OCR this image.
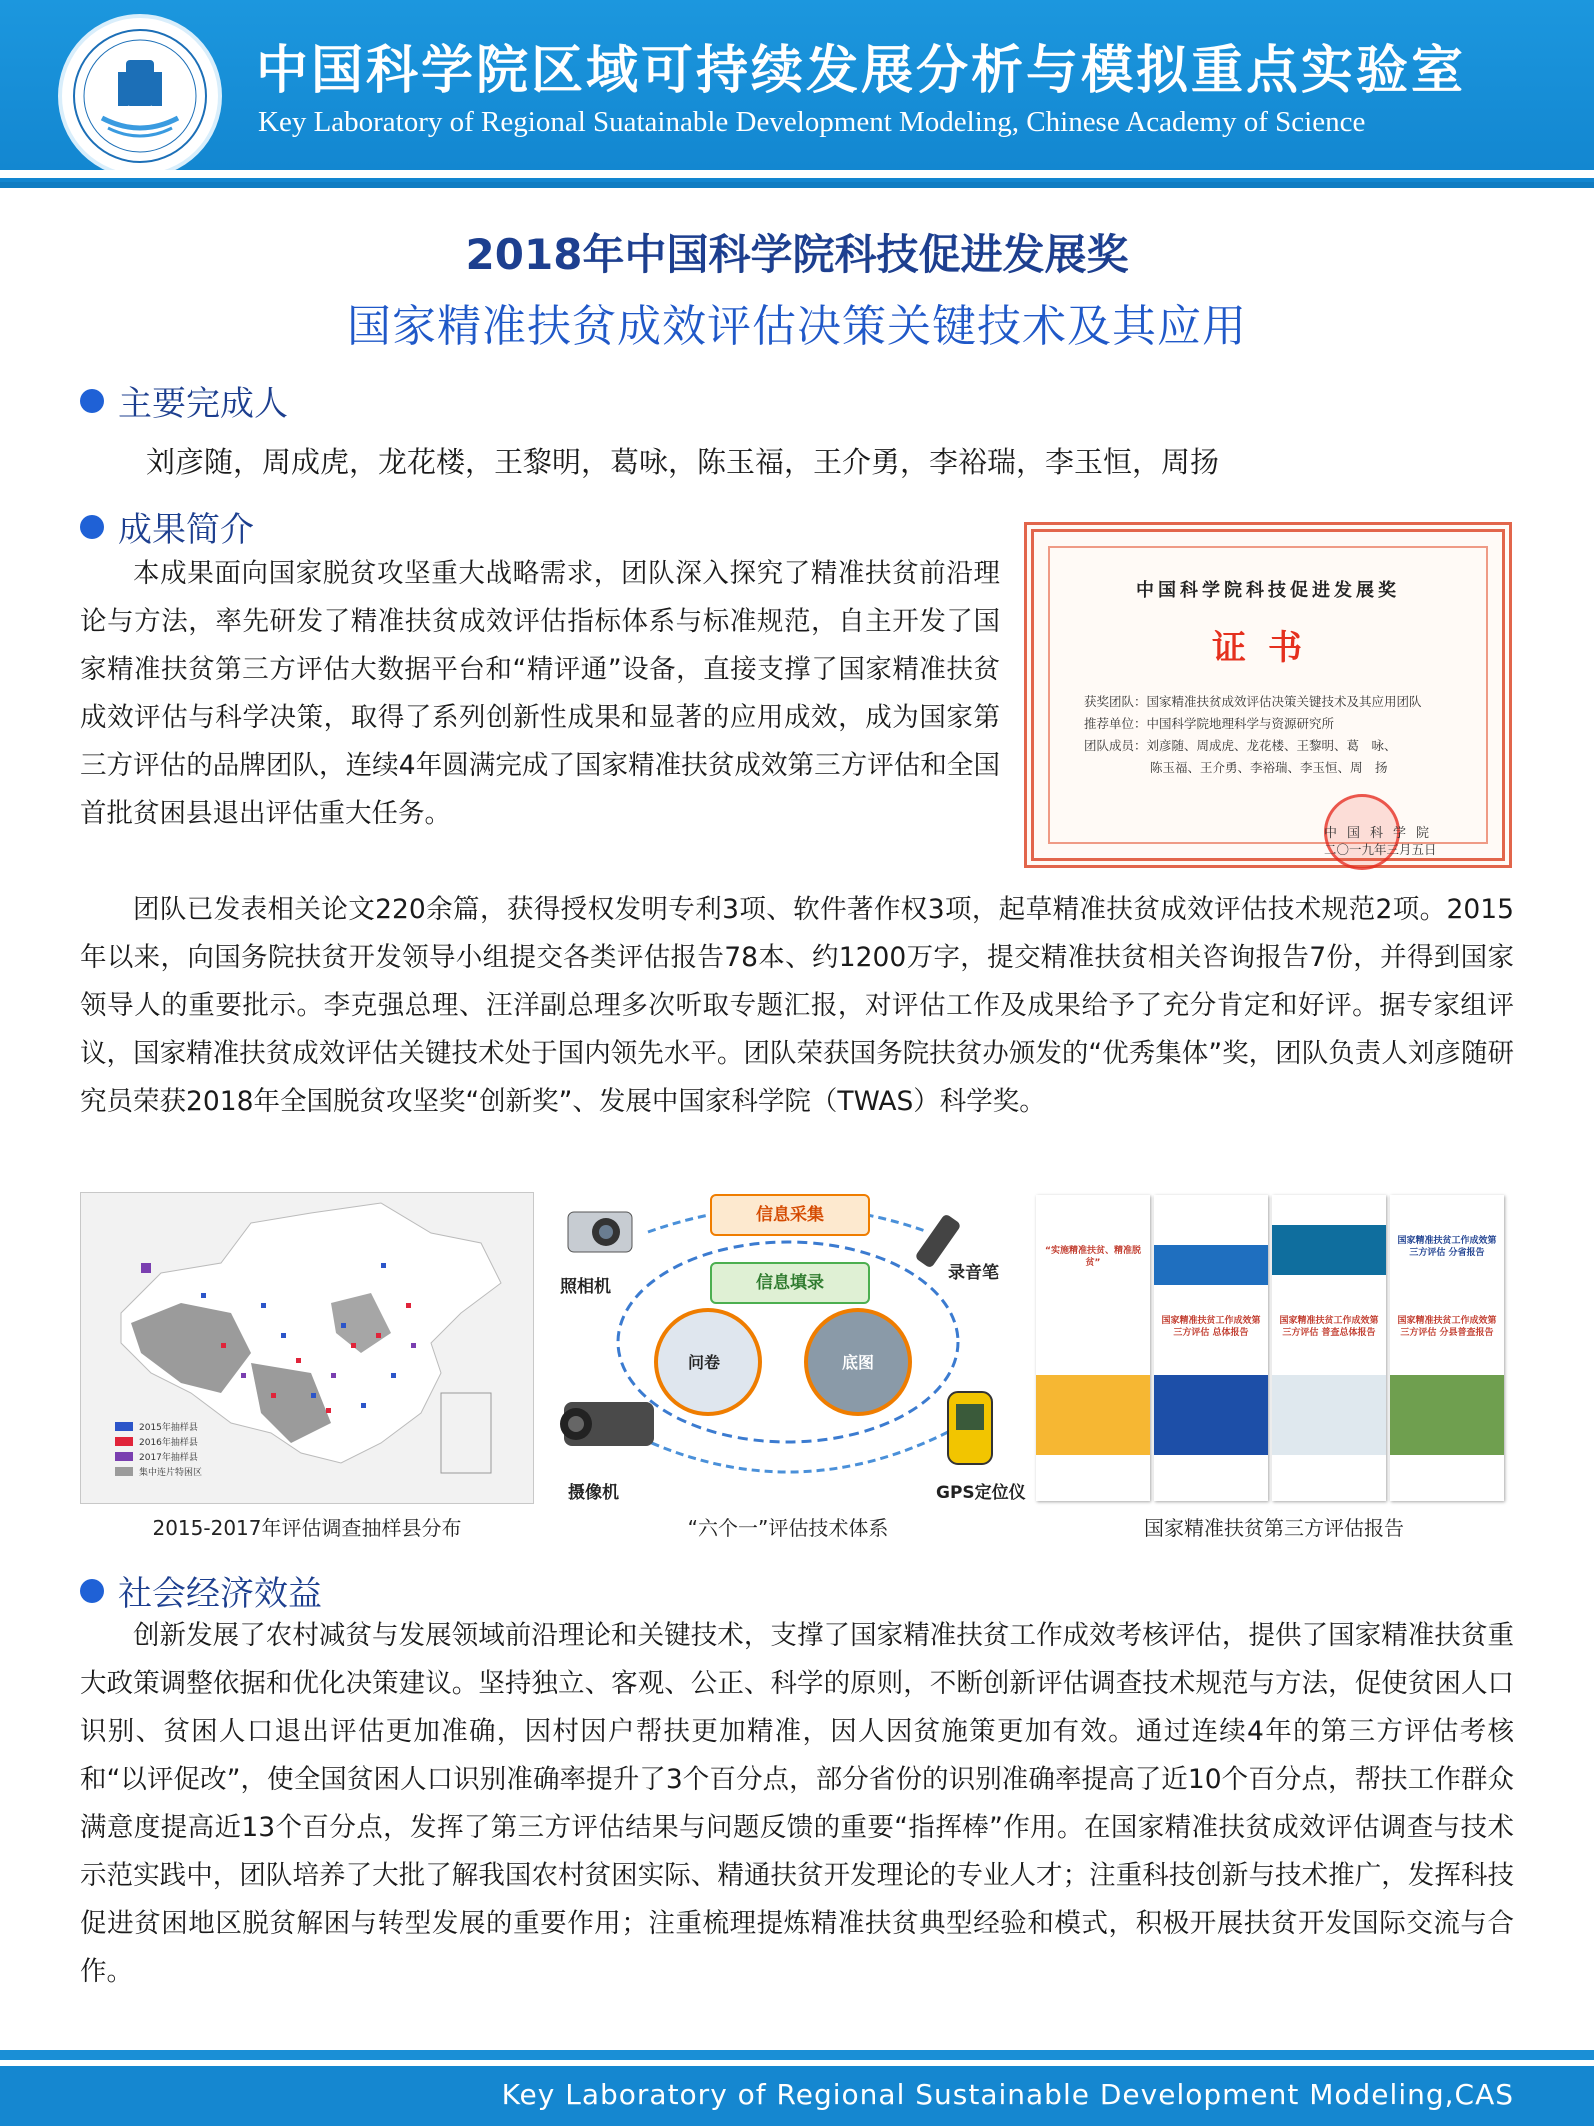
中国科学院区域可持续发展分析与模拟重点实验室
Key Laboratory of Regional Suatainable Development Modeling, Chinese Academy of Science
2018年中国科学院科技促进发展奖
国家精准扶贫成效评估决策关键技术及其应用
主要完成人
刘彦随，周成虎，龙花楼，王黎明，葛咏，陈玉福，王介勇，李裕瑞，李玉恒，周扬
成果简介
本成果面向国家脱贫攻坚重大战略需求，团队深入探究了精准扶贫前沿理论与方法，率先研发了精准扶贫成效评估指标体系与标准规范，自主开发了国家精准扶贫第三方评估大数据平台和“精评通”设备，直接支撑了国家精准扶贫成效评估与科学决策，取得了系列创新性成果和显著的应用成效，成为国家第三方评估的品牌团队，连续4年圆满完成了国家精准扶贫成效第三方评估和全国首批贫困县退出评估重大任务。
中国科学院科技促进发展奖
证书
获奖团队：国家精准扶贫成效评估决策关键技术及其应用团队
推荐单位：中国科学院地理科学与资源研究所
团队成员：刘彦随、周成虎、龙花楼、王黎明、葛　咏、
陈玉福、王介勇、李裕瑞、李玉恒、周　扬
中国科学院
二〇一九年三月五日
团队已发表相关论文220余篇，获得授权发明专利3项、软件著作权3项，起草精准扶贫成效评估技术规范2项。2015年以来，向国务院扶贫开发领导小组提交各类评估报告78本、约1200万字，提交精准扶贫相关咨询报告7份，并得到国家领导人的重要批示。李克强总理、汪洋副总理多次听取专题汇报，对评估工作及成果给予了充分肯定和好评。据专家组评议，国家精准扶贫成效评估关键技术处于国内领先水平。团队荣获国务院扶贫办颁发的“优秀集体”奖，团队负责人刘彦随研究员荣获2018年全国脱贫攻坚奖“创新奖”、发展中国家科学院（TWAS）科学奖。
2015年抽样县
2016年抽样县
2017年抽样县
集中连片特困区
2015-2017年评估调查抽样县分布
信息采集
信息填录
照相机
录音笔
摄像机	GPS定位仪
问卷	底图
“六个一”评估技术体系
“实施精准扶贫、精准脱贫”
国家精准扶贫工作成效第三方评估 总体报告
国家精准扶贫工作成效第三方评估 普查总体报告
国家精准扶贫工作成效第三方评估 分省报告
国家精准扶贫工作成效第三方评估 分县普查报告
国家精准扶贫第三方评估报告
社会经济效益
创新发展了农村减贫与发展领域前沿理论和关键技术，支撑了国家精准扶贫工作成效考核评估，提供了国家精准扶贫重大政策调整依据和优化决策建议。坚持独立、客观、公正、科学的原则，不断创新评估调查技术规范与方法，促使贫困人口识别、贫困人口退出评估更加准确，因村因户帮扶更加精准，因人因贫施策更加有效。通过连续4年的第三方评估考核和“以评促改”，使全国贫困人口识别准确率提升了3个百分点，部分省份的识别准确率提高了近10个百分点，帮扶工作群众满意度提高近13个百分点，发挥了第三方评估结果与问题反馈的重要“指挥棒”作用。在国家精准扶贫成效评估调查与技术示范实践中，团队培养了大批了解我国农村贫困实际、精通扶贫开发理论的专业人才；注重科技创新与技术推广，发挥科技促进贫困地区脱贫解困与转型发展的重要作用；注重梳理提炼精准扶贫典型经验和模式，积极开展扶贫开发国际交流与合作。
Key Laboratory of Regional Sustainable Development Modeling,CAS
